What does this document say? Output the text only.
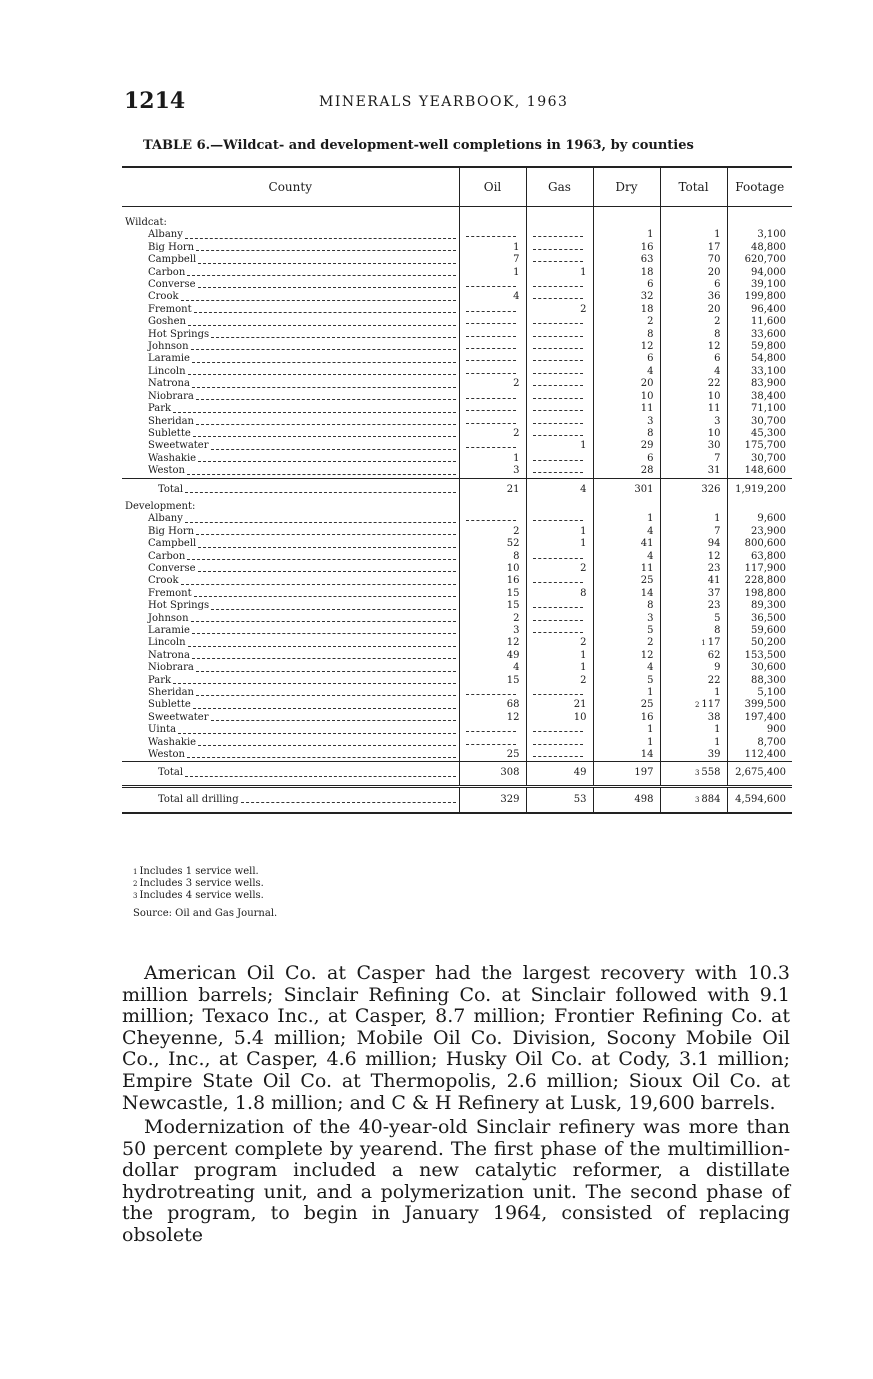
1214	MINERALS YEARBOOK, 1963
TABLE 6.—Wildcat- and development-well completions in 1963, by counties
County	Oil	Gas	Dry	Total	Footage

Wildcat:					

Albany			1	1	3,100

Big Horn	1		16	17	48,800

Campbell	7		63	70	620,700

Carbon	1	1	18	20	94,000

Converse			6	6	39,100

Crook	4		32	36	199,800

Fremont		2	18	20	96,400

Goshen			2	2	11,600

Hot Springs			8	8	33,600

Johnson			12	12	59,800

Laramie			6	6	54,800

Lincoln			4	4	33,100

Natrona	2		20	22	83,900

Niobrara			10	10	38,400

Park			11	11	71,100

Sheridan			3	3	30,700

Sublette	2		8	10	45,300

Sweetwater		1	29	30	175,700

Washakie	1		6	7	30,700

Weston	3		28	31	148,600

Total	21	4	301	326	1,919,200
Development:					

Albany			1	1	9,600

Big Horn	2	1	4	7	23,900

Campbell	52	1	41	94	800,600

Carbon	8		4	12	63,800

Converse	10	2	11	23	117,900

Crook	16		25	41	228,800

Fremont	15	8	14	37	198,800

Hot Springs	15		8	23	89,300

Johnson	2		3	5	36,500

Laramie	3		5	8	59,600

Lincoln	12	2	2	$^1$ 17	50,200

Natrona	49	1	12	62	153,500

Niobrara	4	1	4	9	30,600

Park	15	2	5	22	88,300

Sheridan			1	1	5,100

Sublette	68	21	25	$^2$ 117	399,500

Sweetwater	12	10	16	38	197,400

Uinta			1	1	900

Washakie			1	1	8,700

Weston	25		14	39	112,400

Total	308	49	197	$^3$ 558	2,675,400

Total all drilling	329	53	498	$^3$ 884	4,594,600
$^1$ Includes 1 service well.
$^2$ Includes 3 service wells.
$^3$ Includes 4 service wells.
Source: Oil and Gas Journal.

American Oil Co. at Casper had the largest recovery with 10.3 million barrels; Sinclair Refining Co. at Sinclair followed with 9.1 million; Texaco Inc., at Casper, 8.7 million; Frontier Refining Co. at Cheyenne, 5.4 million; Mobile Oil Co. Division, Socony Mobile Oil Co., Inc., at Casper, 4.6 million; Husky Oil Co. at Cody, 3.1 million; Empire State Oil Co. at Thermopolis, 2.6 million; Sioux Oil Co. at Newcastle, 1.8 million; and C & H Refinery at Lusk, 19,600 barrels.

Modernization of the 40-year-old Sinclair refinery was more than 50 percent complete by yearend. The first phase of the multimillion-dollar program included a new catalytic reformer, a distillate hydrotreating unit, and a polymerization unit. The second phase of the program, to begin in January 1964, consisted of replacing obsolete
